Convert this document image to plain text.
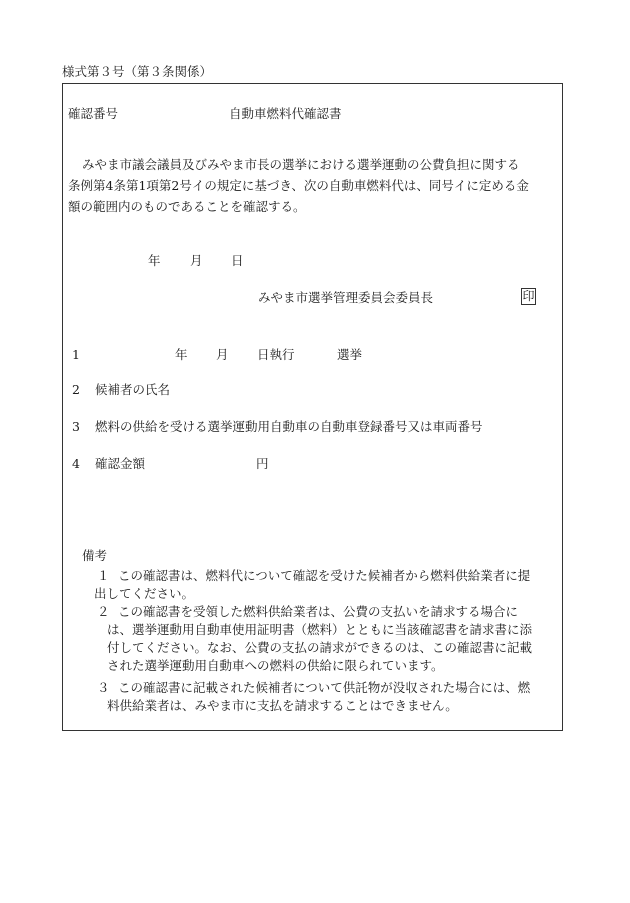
様式第３号（第３条関係）
確認番号	自動車燃料代確認書
みやま市議会議員及びみやま市長の選挙における選挙運動の公費負担に関する
条例第4条第1項第2号イの規定に基づき、次の自動車燃料代は、同号イに定める金
額の範囲内のものであることを確認する。
年 月 日
みやま市選挙管理委員会委員長	印
1	年 月 日執行	選挙
2 候補者の氏名
3 燃料の供給を受ける選挙運動用自動車の自動車登録番号又は車両番号
4 確認金額	円
備考
１ この確認書は、燃料代について確認を受けた候補者から燃料供給業者に提
出してください。
２ この確認書を受領した燃料供給業者は、公費の支払いを請求する場合に
は、選挙運動用自動車使用証明書（燃料）とともに当該確認書を請求書に添
付してください。なお、公費の支払の請求ができるのは、この確認書に記載
された選挙運動用自動車への燃料の供給に限られています。
３ この確認書に記載された候補者について供託物が没収された場合には、燃
料供給業者は、みやま市に支払を請求することはできません。
